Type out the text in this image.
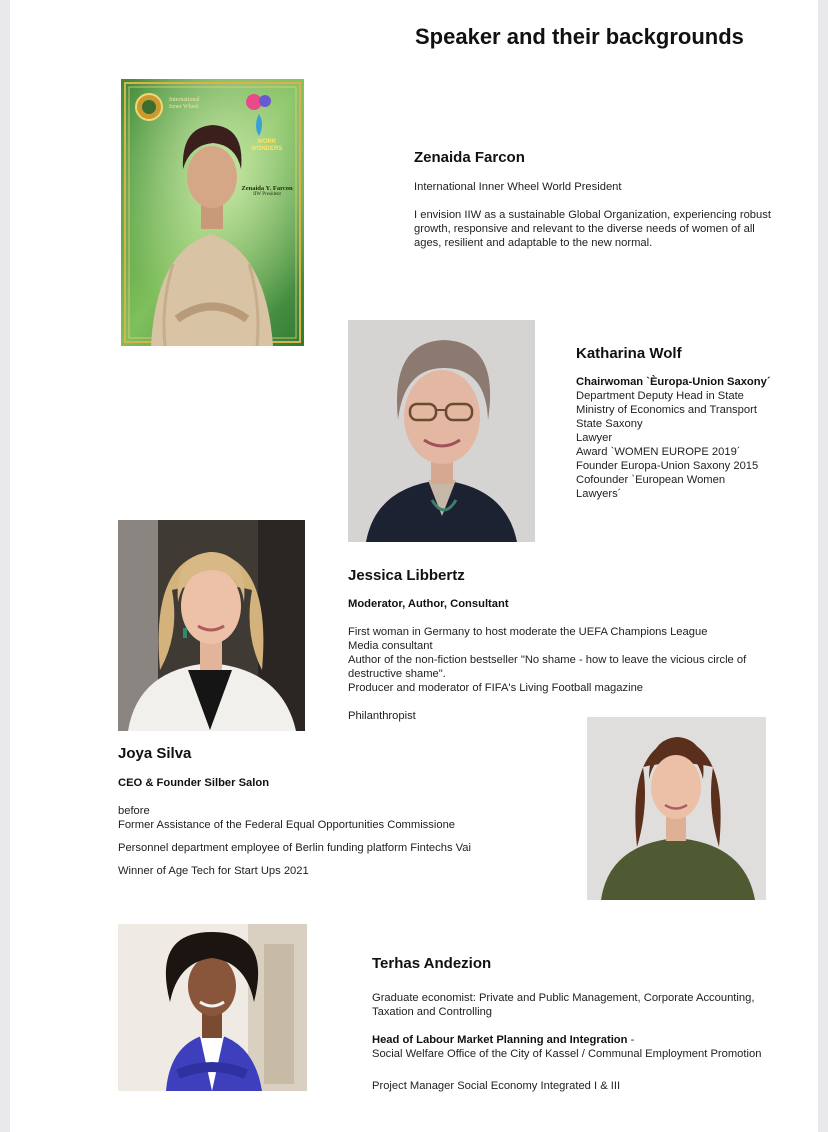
Speaker and their backgrounds
International
Inner Wheel
WORK
WONDERS
Zenaida Y. Farcon
IIW President
Zenaida Farcon
International Inner Wheel World President
I envision IIW as a sustainable Global Organization, experiencing robust growth, responsive and relevant to the diverse needs of women of all ages, resilient and adaptable to the new normal.
Katharina Wolf
Chairwoman `Èuropa-Union Saxony´
Department Deputy Head in State
Ministry of Economics and Transport
State Saxony
Lawyer
Award `WOMEN EUROPE 2019´
Founder Europa-Union Saxony 2015
Cofounder `European Women
Lawyers´
Jessica Libbertz
Moderator, Author, Consultant
First woman in Germany to host moderate the UEFA Champions League
Media consultant
Author of the non-fiction bestseller "No shame - how to leave the vicious circle of destructive shame".
Producer and moderator of FIFA's Living Football magazine
Philanthropist
Joya Silva
CEO & Founder Silber Salon
before
Former Assistance of the Federal Equal Opportunities Commissione
Personnel department employee of Berlin funding platform Fintechs Vai
Winner of Age Tech for Start Ups 2021
Terhas Andezion
Graduate economist: Private and Public Management, Corporate Accounting, Taxation and Controlling
Head of Labour Market Planning and Integration -
Social Welfare Office of the City of Kassel / Communal Employment Promotion
Project Manager Social Economy Integrated I & III
